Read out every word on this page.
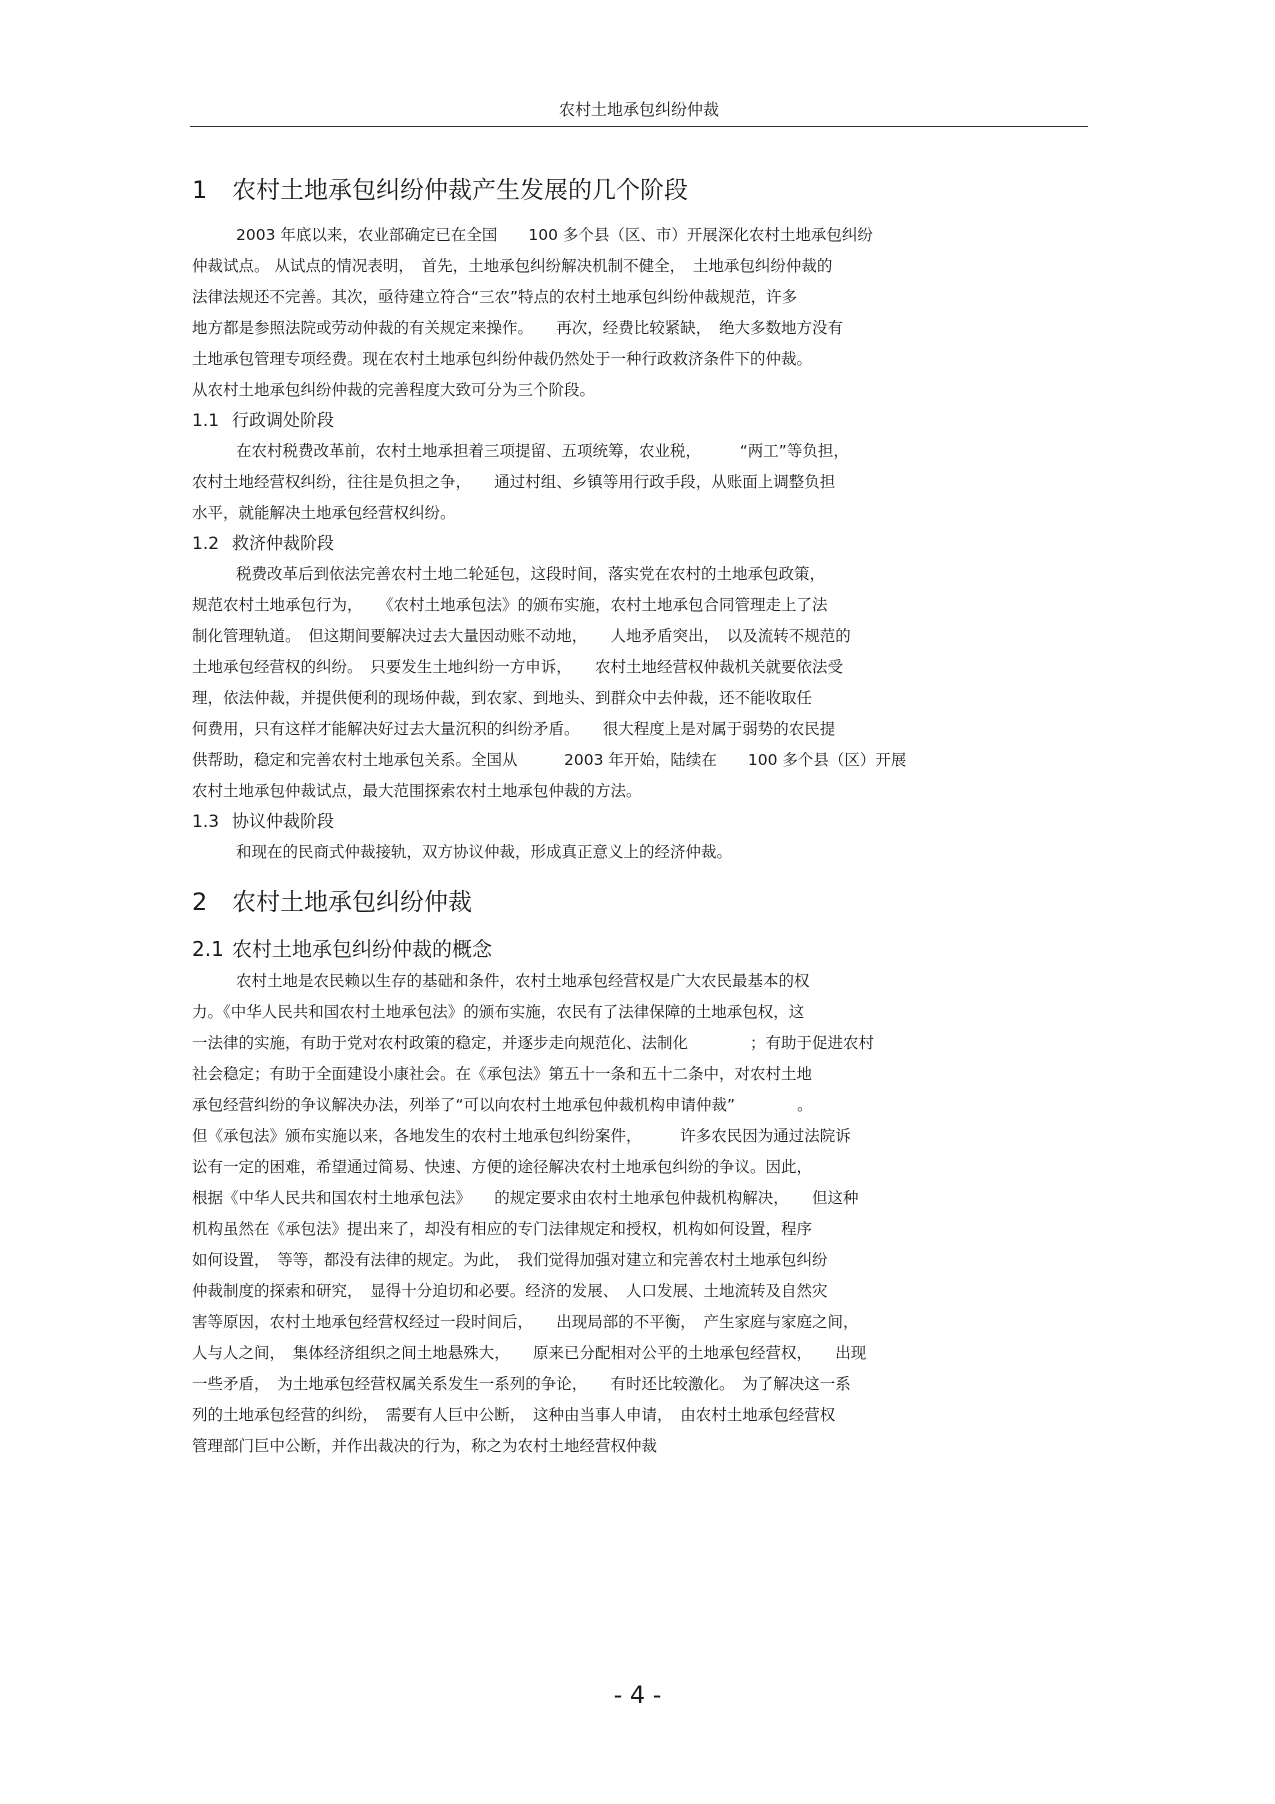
农村土地承包纠纷仲裁
1 农村土地承包纠纷仲裁产生发展的几个阶段
2003 年底以来，农业部确定已在全国　　100 多个县（区、市）开展深化农村土地承包纠纷
仲裁试点。 从试点的情况表明，　首先，土地承包纠纷解决机制不健全，　土地承包纠纷仲裁的
法律法规还不完善。其次，亟待建立符合“三农”特点的农村土地承包纠纷仲裁规范，许多
地方都是参照法院或劳动仲裁的有关规定来操作。　　再次，经费比较紧缺，　绝大多数地方没有
土地承包管理专项经费。现在农村土地承包纠纷仲裁仍然处于一种行政救济条件下的仲裁。
从农村土地承包纠纷仲裁的完善程度大致可分为三个阶段。
1.1 行政调处阶段
在农村税费改革前，农村土地承担着三项提留、五项统筹，农业税，　　　“两工”等负担，
农村土地经营权纠纷，往往是负担之争，　　通过村组、乡镇等用行政手段，从账面上调整负担
水平，就能解决土地承包经营权纠纷。
1.2 救济仲裁阶段
税费改革后到依法完善农村土地二轮延包，这段时间，落实党在农村的土地承包政策，
规范农村土地承包行为，　　《农村土地承包法》的颁布实施，农村土地承包合同管理走上了法
制化管理轨道。　但这期间要解决过去大量因动账不动地，　　人地矛盾突出，　以及流转不规范的
土地承包经营权的纠纷。　只要发生土地纠纷一方申诉，　　农村土地经营权仲裁机关就要依法受
理，依法仲裁，并提供便利的现场仲裁，到农家、到地头、到群众中去仲裁，还不能收取任
何费用，只有这样才能解决好过去大量沉积的纠纷矛盾。　　很大程度上是对属于弱势的农民提
供帮助，稳定和完善农村土地承包关系。全国从　　　2003 年开始，陆续在　　100 多个县（区）开展
农村土地承包仲裁试点，最大范围探索农村土地承包仲裁的方法。
1.3 协议仲裁阶段
和现在的民商式仲裁接轨，双方协议仲裁，形成真正意义上的经济仲裁。
2 农村土地承包纠纷仲裁
2.1 农村土地承包纠纷仲裁的概念
农村土地是农民赖以生存的基础和条件，农村土地承包经营权是广大农民最基本的权
力。《中华人民共和国农村土地承包法》的颁布实施，农民有了法律保障的土地承包权，这
一法律的实施，有助于党对农村政策的稳定，并逐步走向规范化、法制化　　　　；有助于促进农村
社会稳定；有助于全面建设小康社会。在《承包法》第五十一条和五十二条中，对农村土地
承包经营纠纷的争议解决办法，列举了“可以向农村土地承包仲裁机构申请仲裁”　　　　。
但《承包法》颁布实施以来，各地发生的农村土地承包纠纷案件，　　　许多农民因为通过法院诉
讼有一定的困难，希望通过简易、快速、方便的途径解决农村土地承包纠纷的争议。因此，
根据《中华人民共和国农村土地承包法》　　的规定要求由农村土地承包仲裁机构解决，　　但这种
机构虽然在《承包法》提出来了，却没有相应的专门法律规定和授权，机构如何设置，程序
如何设置，　等等，都没有法律的规定。为此，　我们觉得加强对建立和完善农村土地承包纠纷
仲裁制度的探索和研究，　显得十分迫切和必要。经济的发展、　人口发展、土地流转及自然灾
害等原因，农村土地承包经营权经过一段时间后，　　出现局部的不平衡，　产生家庭与家庭之间，
人与人之间，　集体经济组织之间土地悬殊大，　　原来已分配相对公平的土地承包经营权，　　出现
一些矛盾，　为土地承包经营权属关系发生一系列的争论，　　有时还比较激化。　为了解决这一系
列的土地承包经营的纠纷，　需要有人巨中公断，　这种由当事人申请，　由农村土地承包经营权
管理部门巨中公断，并作出裁决的行为，称之为农村土地经营权仲裁
- 4 -
